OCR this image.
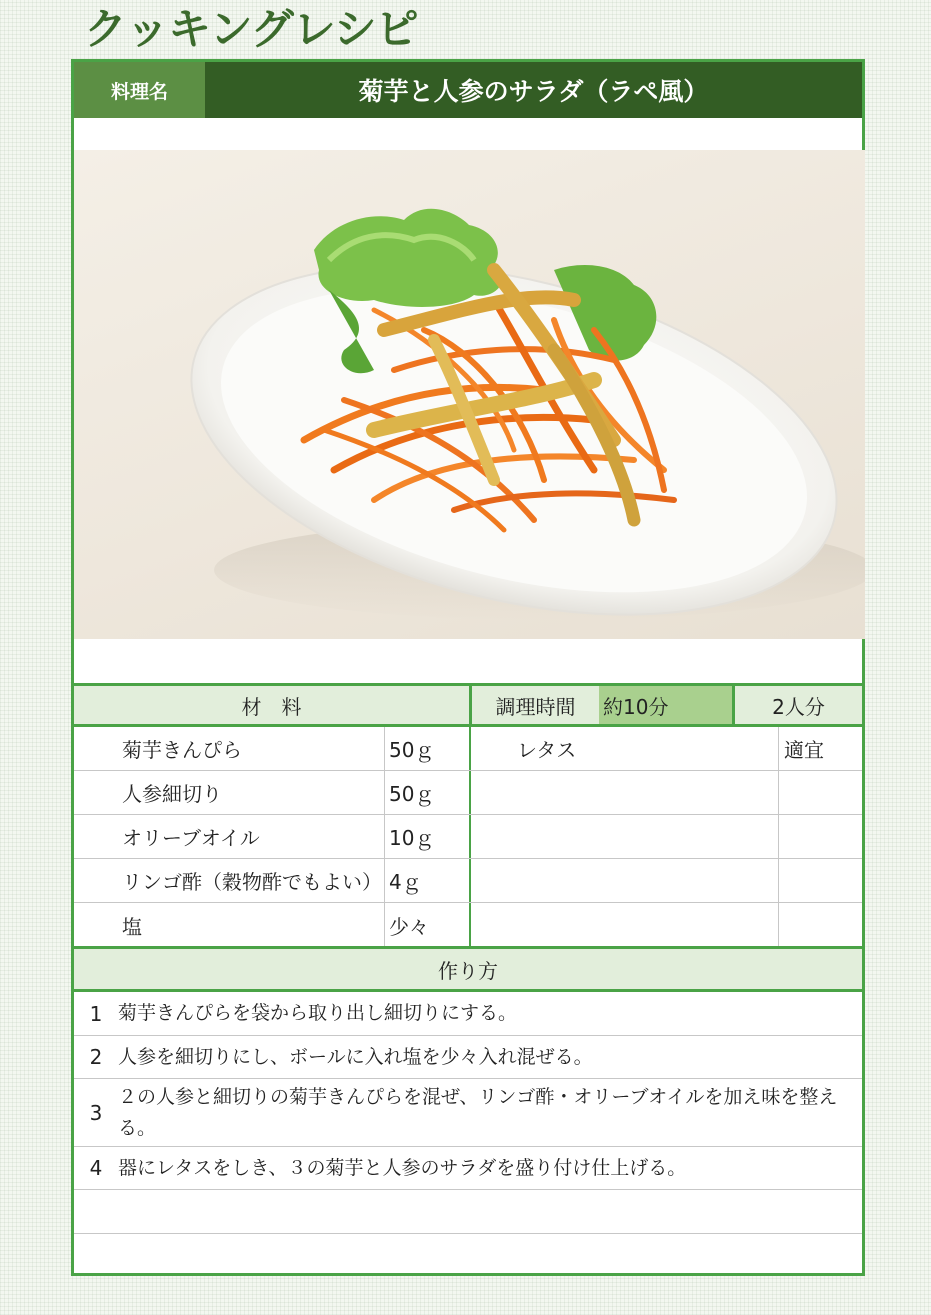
クッキングレシピ
料理名	菊芋と人参のサラダ（ラペ風）
材　料	調理時間	約10分	2人分
菊芋きんぴら	50ｇ	レタス	適宜
人参細切り	50ｇ
オリーブオイル	10ｇ
リンゴ酢（穀物酢でもよい） 4ｇ
塩	少々
作り方
1 菊芋きんぴらを袋から取り出し細切りにする。
2 人参を細切りにし、ボールに入れ塩を少々入れ混ぜる。
3
２の人参と細切りの菊芋きんぴらを混ぜ、リンゴ酢・オリーブオイルを加え味を整える。
4 器にレタスをしき、３の菊芋と人参のサラダを盛り付け仕上げる。
